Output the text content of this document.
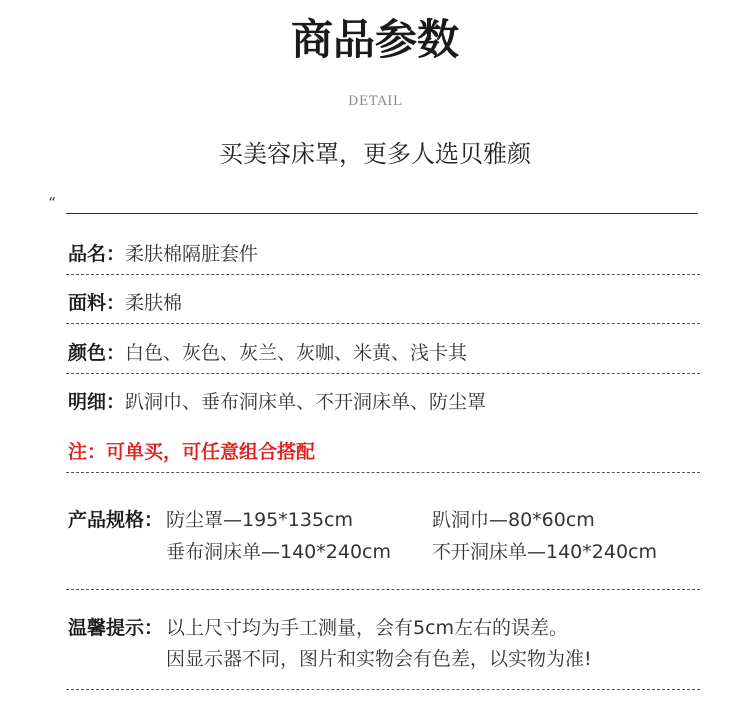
商品参数
DETAIL
买美容床罩，更多人选贝雅颜
“
品名：柔肤棉隔脏套件
面料：柔肤棉
颜色：白色、灰色、灰兰、灰咖、米黄、浅卡其
明细：趴洞巾、垂布洞床单、不开洞床单、防尘罩
注：可单买，可任意组合搭配
产品规格： 防尘罩—195*135cm	趴洞巾—80*60cm
垂布洞床单—140*240cm 不开洞床单—140*240cm
温馨提示： 以上尺寸均为手工测量，会有5cm左右的误差。
因显示器不同，图片和实物会有色差，以实物为准!
